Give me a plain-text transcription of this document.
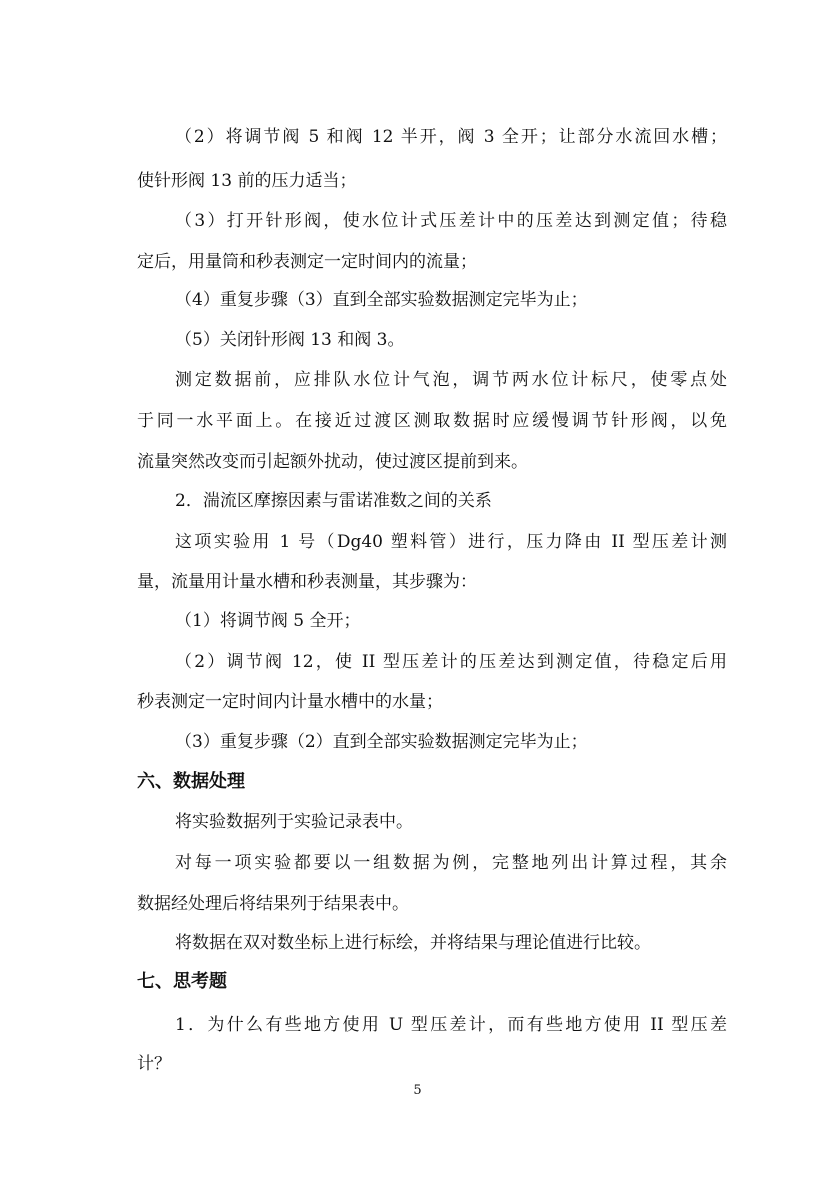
（2）将调节阀 5 和阀 12 半开，阀 3 全开；让部分水流回水槽；
使针形阀 13 前的压力适当；
（3）打开针形阀，使水位计式压差计中的压差达到测定值；待稳
定后，用量筒和秒表测定一定时间内的流量；
（4）重复步骤（3）直到全部实验数据测定完毕为止；
（5）关闭针形阀 13 和阀 3。
测定数据前，应排队水位计气泡，调节两水位计标尺，使零点处
于同一水平面上。在接近过渡区测取数据时应缓慢调节针形阀，以免
流量突然改变而引起额外扰动，使过渡区提前到来。
2．湍流区摩擦因素与雷诺准数之间的关系
这项实验用 1 号（Dg40 塑料管）进行，压力降由 II 型压差计测
量，流量用计量水槽和秒表测量，其步骤为：
（1）将调节阀 5 全开；
（2）调节阀 12，使 II 型压差计的压差达到测定值，待稳定后用
秒表测定一定时间内计量水槽中的水量；
（3）重复步骤（2）直到全部实验数据测定完毕为止；
六、数据处理
将实验数据列于实验记录表中。
对每一项实验都要以一组数据为例，完整地列出计算过程，其余
数据经处理后将结果列于结果表中。
将数据在双对数坐标上进行标绘，并将结果与理论值进行比较。
七、思考题
1．为什么有些地方使用 U 型压差计，而有些地方使用 II 型压差
计？
5
